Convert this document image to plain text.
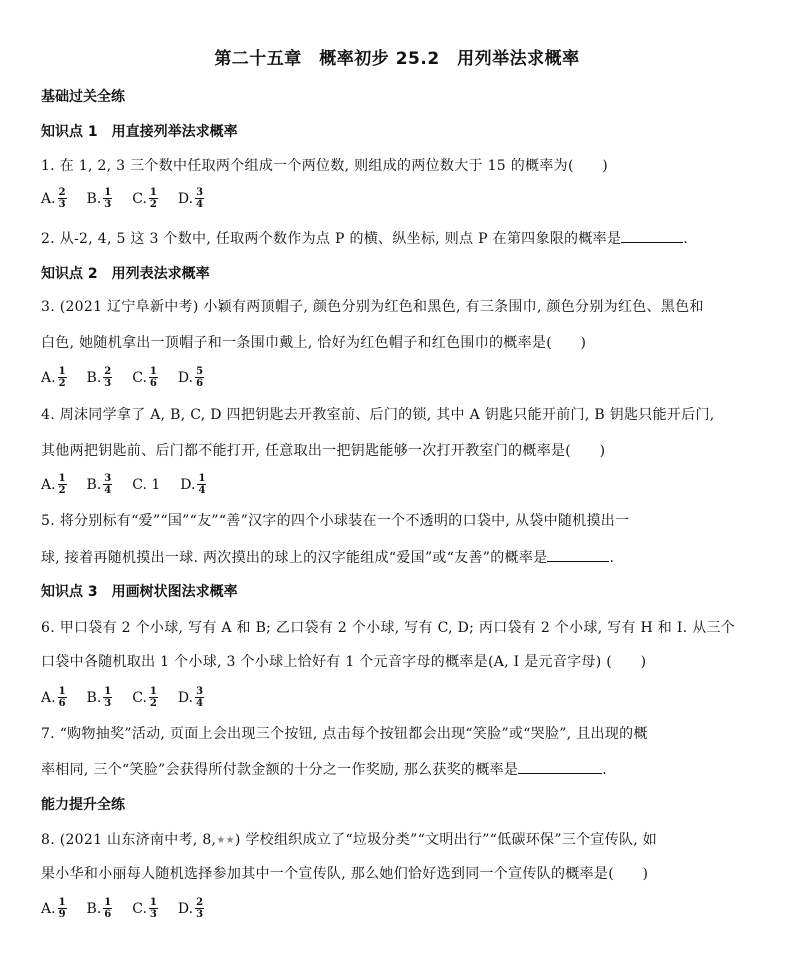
第二十五章　概率初步 25.2　用列举法求概率
基础过关全练
知识点 1　用直接列举法求概率
1. 在 1, 2, 3 三个数中任取两个组成一个两位数, 则组成的两位数大于 15 的概率为(　　)
A. $\frac{2}{3} B$. $\frac{1}{3} C$. $\frac{1}{2} D$. $\frac{3}{4}$
2. 从-2, 4, 5 这 3 个数中, 任取两个数作为点 P 的横、纵坐标, 则点 P 在第四象限的概率是	.
知识点 2　用列表法求概率
3. (2021 辽宁阜新中考) 小颖有两顶帽子, 颜色分别为红色和黑色, 有三条围巾, 颜色分别为红色、黑色和
白色, 她随机拿出一顶帽子和一条围巾戴上, 恰好为红色帽子和红色围巾的概率是(　　)
A. $\frac{1}{2} B$. $\frac{2}{3} C$. $\frac{1}{6} D$. $\frac{5}{6}$
4. 周沫同学拿了 A, B, C, D 四把钥匙去开教室前、后门的锁, 其中 A 钥匙只能开前门, B 钥匙只能开后门,
其他两把钥匙前、后门都不能打开, 任意取出一把钥匙能够一次打开教室门的概率是(　　)
A. $\frac{1}{2} B$. $\frac{3}{4} C$.
1 D. $\frac{1}{4}$
5. 将分别标有“爱”“国”“友”“善”汉字的四个小球装在一个不透明的口袋中, 从袋中随机摸出一
球, 接着再随机摸出一球. 两次摸出的球上的汉字能组成“爱国”或“友善”的概率是	.
知识点 3　用画树状图法求概率
6. 甲口袋有 2 个小球, 写有 A 和 B; 乙口袋有 2 个小球, 写有 C, D; 丙口袋有 2 个小球, 写有 H 和 I. 从三个
口袋中各随机取出 1 个小球, 3 个小球上恰好有 1 个元音字母的概率是(A, I 是元音字母) (　　)
A. $\frac{1}{6} B$. $\frac{1}{3} C$. $\frac{1}{2} D$. $\frac{3}{4}$
7. “购物抽奖”活动, 页面上会出现三个按钮, 点击每个按钮都会出现“笑脸”或“哭脸”, 且出现的概
率相同, 三个“笑脸”会获得所付款金额的十分之一作奖励, 那么获奖的概率是	.
能力提升全练
8. (2021 山东济南中考, 8,★★) 学校组织成立了“垃圾分类”“文明出行”“低碳环保”三个宣传队, 如
果小华和小丽每人随机选择参加其中一个宣传队, 那么她们恰好选到同一个宣传队的概率是(　　)
A. $\frac{1}{9} B$. $\frac{1}{6} C$. $\frac{1}{3} D$. $\frac{2}{3}$
